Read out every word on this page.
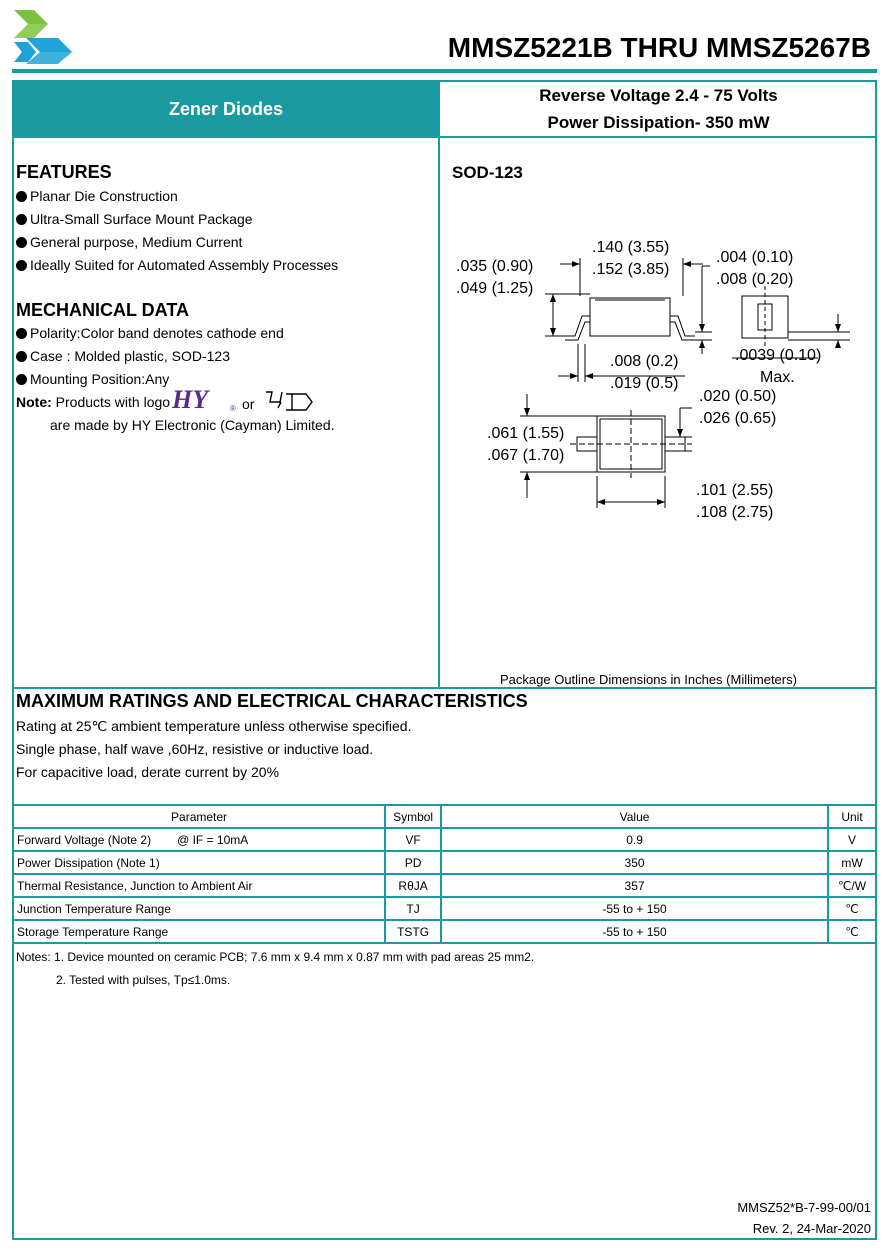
MMSZ5221B THRU MMSZ5267B
Zener Diodes
Reverse Voltage 2.4 - 75 Volts
Power Dissipation- 350 mW
FEATURES
Planar Die Construction
Ultra-Small Surface Mount Package
General purpose, Medium Current
Ideally Suited for Automated Assembly Processes
MECHANICAL DATA
Polarity:Color band denotes cathode end
Case : Molded plastic, SOD-123
Mounting Position:Any
Note: Products with logo HY	® or
are made by HY Electronic (Cayman) Limited.
SOD-123
.140 (3.55)
.152 (3.85)
.035 (0.90)
.049 (1.25)
.004 (0.10)
.008 (0.20)
.0039 (0.10)
Max.
.008 (0.2)
.019 (0.5)
.020 (0.50)
.026 (0.65)
.061 (1.55)
.067 (1.70)
.101 (2.55)
.108 (2.75)
Package Outline Dimensions in Inches (Millimeters)
MAXIMUM RATINGS AND ELECTRICAL CHARACTERISTICS
Rating at 25℃ ambient temperature unless otherwise specified.
Single phase, half wave ,60Hz, resistive or inductive load.
For capacitive load, derate current by 20%
Parameter	Symbol	Value	Unit
Forward Voltage (Note 2) @ IF = 10mA	VF	0.9	V
Power Dissipation (Note 1)	PD	350	mW
Thermal Resistance, Junction to Ambient Air	RθJA	357	℃/W
Junction Temperature Range	TJ	-55 to + 150	℃
Storage Temperature Range	TSTG	-55 to + 150	℃
Notes: 1. Device mounted on ceramic PCB; 7.6 mm x 9.4 mm x 0.87 mm with pad areas 25 mm2.
2. Tested with pulses, Tp≤1.0ms.
MMSZ52*B-7-99-00/01
Rev. 2, 24-Mar-2020
